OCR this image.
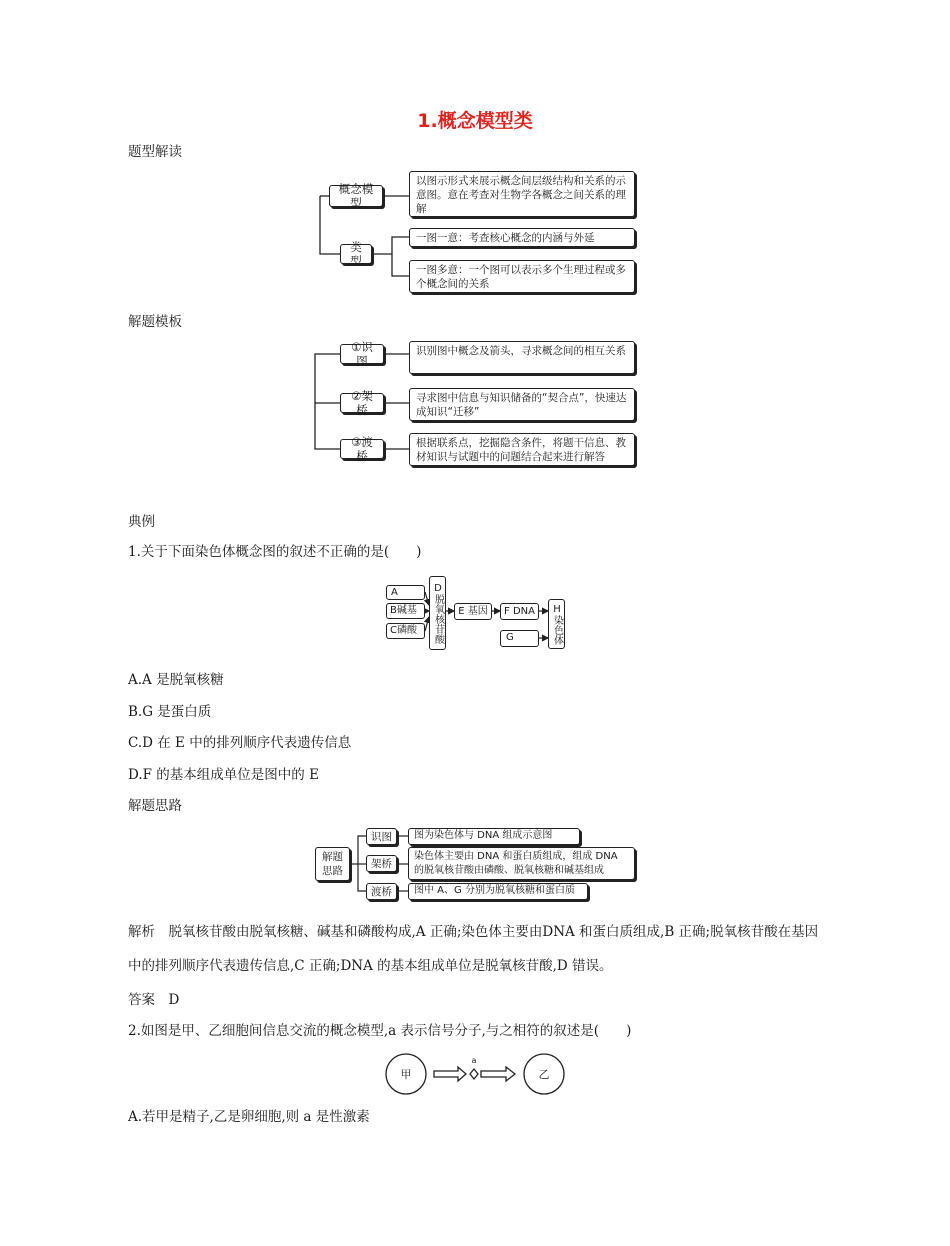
1.概念模型类
题型解读
概念模型
以图示形式来展示概念间层级结构和关系的示意图。意在考查对生物学各概念之间关系的理解
类型
一图一意：考查核心概念的内涵与外延
一图多意：一个图可以表示多个生理过程或多个概念间的关系
解题模板
①识图
识别图中概念及箭头，寻求概念间的相互关系
②架桥
寻求图中信息与知识储备的“契合点”，快速达成知识“迁移”
③渡桥
根据联系点，挖掘隐含条件，将题干信息、教材知识与试题中的问题结合起来进行解答
典例
1.关于下面染色体概念图的叙述不正确的是(　　)
A
B碱基
C磷酸	D脱氧核苷酸	E 基因	F DNA
G	H染色体
A.A 是脱氧核糖
B.G 是蛋白质
C.D 在 E 中的排列顺序代表遗传信息
D.F 的基本组成单位是图中的 E
解题思路
解题思路
识图	图为染色体与 DNA 组成示意图
架桥
染色体主要由 DNA 和蛋白质组成，组成 DNA 的脱氧核苷酸由磷酸、脱氧核糖和碱基组成
渡桥	图中 A、G 分别为脱氧核糖和蛋白质
解析  脱氧核苷酸由脱氧核糖、碱基和磷酸构成,A 正确;染色体主要由DNA 和蛋白质组成,B 正确;脱氧核苷酸在基因中的排列顺序代表遗传信息,C 正确;DNA 的基本组成单位是脱氧核苷酸,D 错误。
答案  D
2.如图是甲、乙细胞间信息交流的概念模型,a 表示信号分子,与之相符的叙述是(　　)
甲	乙
a
A.若甲是精子,乙是卵细胞,则 a 是性激素
